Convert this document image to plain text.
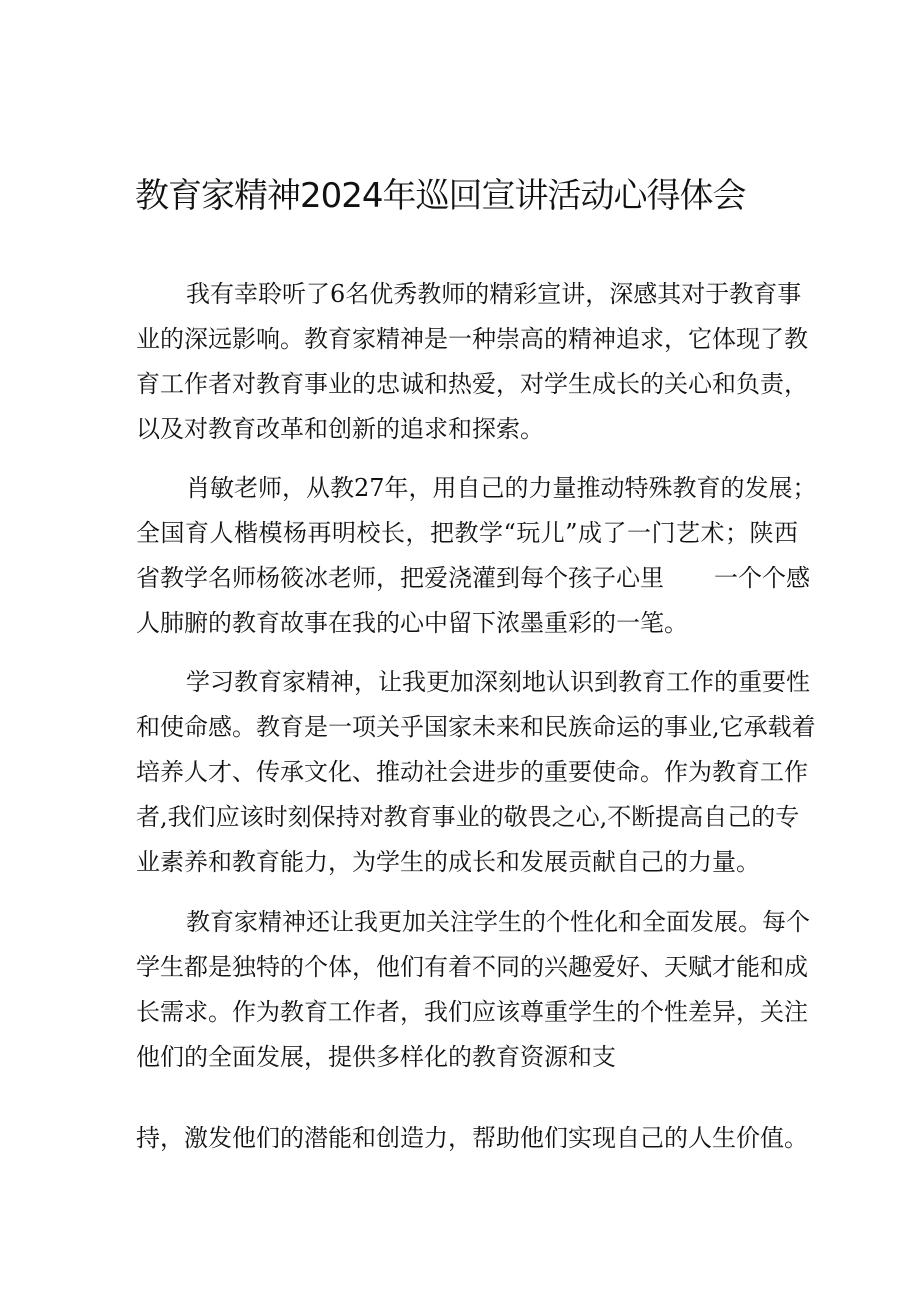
教育家精神2024年巡回宣讲活动心得体会
我有幸聆听了6名优秀教师的精彩宣讲，深感其对于教育事
业的深远影响。教育家精神是一种崇高的精神追求，它体现了教
育工作者对教育事业的忠诚和热爱，对学生成长的关心和负责，
以及对教育改革和创新的追求和探索。
肖敏老师，从教27年，用自己的力量推动特殊教育的发展；
全国育人楷模杨再明校长，把教学“玩儿”成了一门艺术；陕西
省教学名师杨筱冰老师，把爱浇灌到每个孩子心里 一个个感
人肺腑的教育故事在我的心中留下浓墨重彩的一笔。
学习教育家精神，让我更加深刻地认识到教育工作的重要性
和使命感。教育是一项关乎国家未来和民族命运的事业,它承载着
培养人才、传承文化、推动社会进步的重要使命。作为教育工作
者,我们应该时刻保持对教育事业的敬畏之心,不断提高自己的专
业素养和教育能力，为学生的成长和发展贡献自己的力量。
教育家精神还让我更加关注学生的个性化和全面发展。每个
学生都是独特的个体，他们有着不同的兴趣爱好、天赋才能和成
长需求。作为教育工作者，我们应该尊重学生的个性差异，关注
他们的全面发展，提供多样化的教育资源和支
持，激发他们的潜能和创造力，帮助他们实现自己的人生价值。
